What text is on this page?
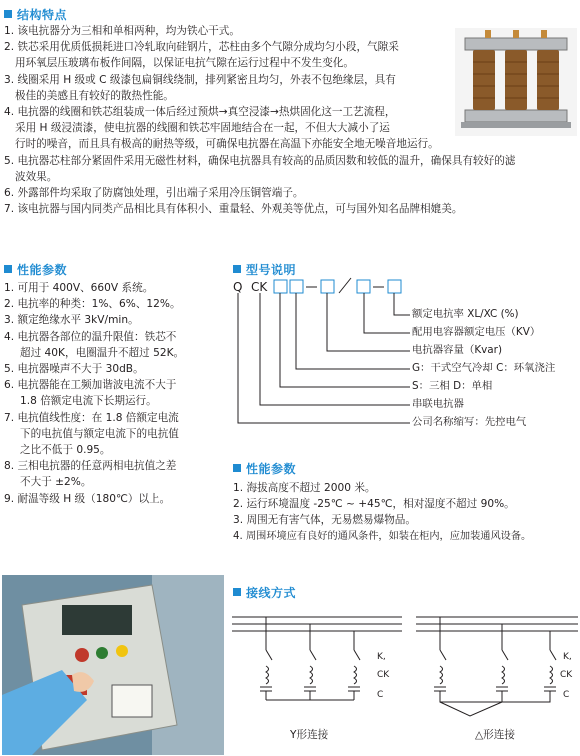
结构特点
1. 该电抗器分为三相和单相两种，均为铁心干式。
2. 铁芯采用优质低损耗进口冷轧取向硅钢片，芯柱由多个气隙分成均匀小段，气隙采
用环氧层压玻璃布板作间隔，以保证电抗气隙在运行过程中不发生变化。
3. 线圈采用 H 级或 C 级漆包扁铜线绕制，排列紧密且均匀，外表不包绝缘层，具有
极佳的美感且有较好的散热性能。
4. 电抗器的线圈和铁芯组装成一体后经过预烘→真空浸漆→热烘固化这一工艺流程，
采用 H 级浸渍漆，使电抗器的线圈和铁芯牢固地结合在一起，不但大大减小了运
行时的噪音，而且具有极高的耐热等级，可确保电抗器在高温下亦能安全地无噪音地运行。
5. 电抗器芯柱部分紧固件采用无磁性材料，确保电抗器具有较高的品质因数和较低的温升，确保具有较好的滤
波效果。
6. 外露部件均采取了防腐蚀处理，引出端子采用冷压铜管端子。
7. 该电抗器与国内同类产品相比具有体积小、重量轻、外观美等优点，可与国外知名品牌相媲美。
性能参数
1. 可用于 400V、660V 系统。
2. 电抗率的种类：1%、6%、12%。
3. 额定绝缘水平 3kV/min。
4. 电抗器各部位的温升限值：铁芯不
超过 40K，电圈温升不超过 52K。
5. 电抗器噪声不大于 30dB。
6. 电抗器能在工频加谐波电流不大于
1.8 倍额定电流下长期运行。
7. 电抗值线性度：在 1.8 倍额定电流
下的电抗值与额定电流下的电抗值
之比不低于 0.95。
8. 三相电抗器的任意两相电抗值之差
不大于 ±2%。
9. 耐温等级 H 级（180℃）以上。
型号说明
Q CK
额定电抗率 XL/XC (%)
配用电容器额定电压（KV）
电抗器容量（Kvar)
G：干式空气冷却 C：环氧浇注
S：三相 D：单相
串联电抗器
公司名称缩写：先控电气
性能参数
1. 海拔高度不超过 2000 米。
2. 运行环境温度 -25℃ ~ +45℃，相对湿度不超过 90%。
3. 周围无有害气体，无易燃易爆物品。
4. 周围环境应有良好的通风条件，如装在柜内，应加装通风设备。
接线方式
K,
CK
C
K,
CK
C
Y形连接	△形连接
